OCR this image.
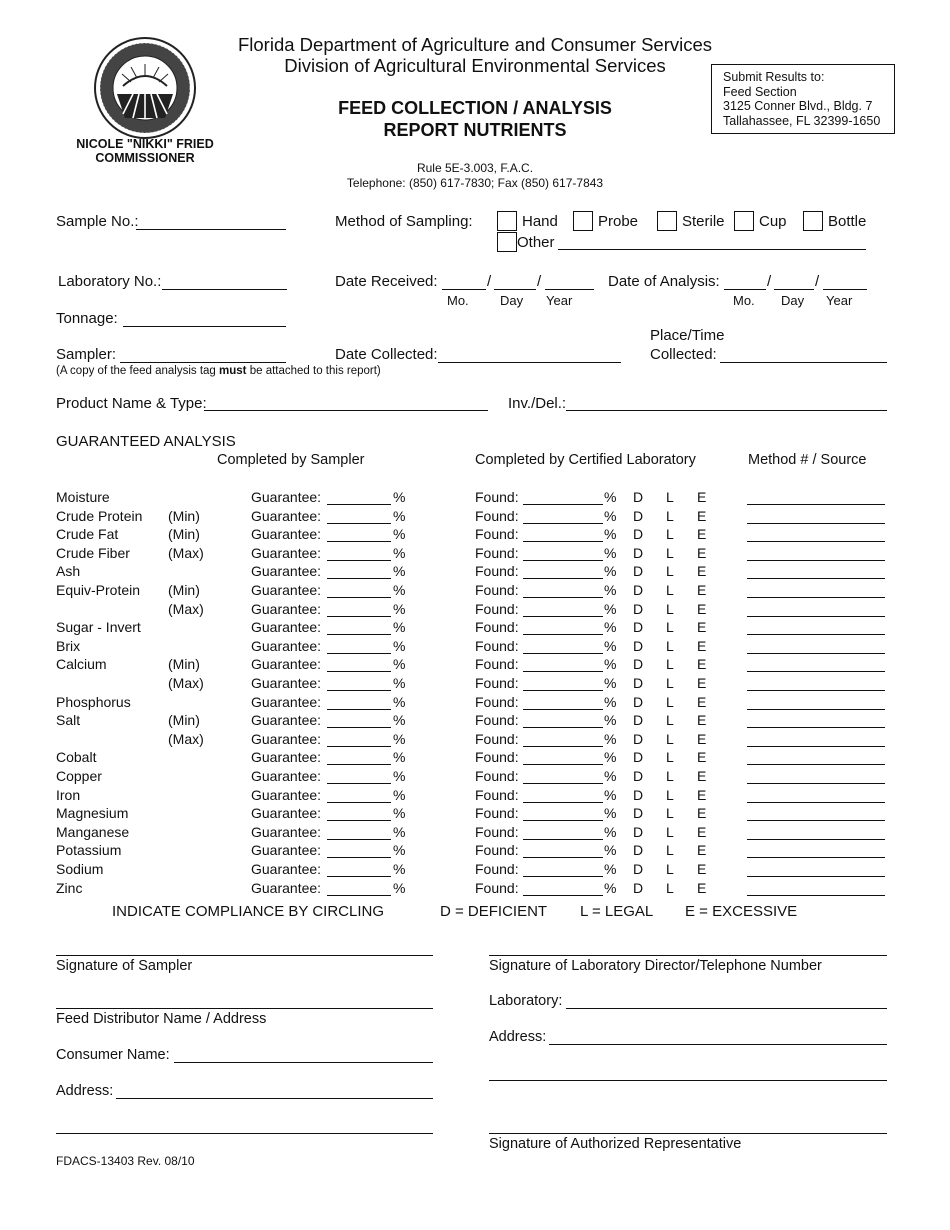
NICOLE "NIKKI" FRIED
COMMISSIONER
Florida Department of Agriculture and Consumer Services
Division of Agricultural Environmental Services
FEED COLLECTION / ANALYSIS
REPORT NUTRIENTS
Rule 5E-3.003, F.A.C.
Telephone: (850) 617-7830; Fax (850) 617-7843
Submit Results to:
Feed Section
3125 Conner Blvd., Bldg. 7
Tallahassee, FL 32399-1650
Sample No.:	Method of Sampling:	Hand	Probe	Sterile Cup	Bottle
Other
Laboratory No.:	Date Received:	/	/
Mo. Day Year
Date of Analysis:	/	/
Mo. Day Year
Tonnage:
Place/Time
Collected:
Sampler:	Date Collected:
(A copy of the feed analysis tag must be attached to this report)
Product Name & Type:	Inv./Del.:
GUARANTEED ANALYSIS
Completed by Sampler	Completed by Certified Laboratory	Method # / Source
Moisture	Guarantee:	%	Found:	% D L E
Crude Protein (Min)	Guarantee:	%	Found:	% D L E
Crude Fat	(Min)	Guarantee:	%	Found:	% D L E
Crude Fiber	(Max)	Guarantee:	%	Found:	% D L E
Ash	Guarantee:	%	Found:	% D L E
Equiv-Protein (Min)	Guarantee:	%	Found:	% D L E
(Max)	Guarantee:	%	Found:	% D L E
Sugar - Invert	Guarantee:	%	Found:	% D L E
Brix	Guarantee:	%	Found:	% D L E
Calcium	(Min)	Guarantee:	%	Found:	% D L E
(Max)	Guarantee:	%	Found:	% D L E
Phosphorus	Guarantee:	%	Found:	% D L E
Salt	(Min)	Guarantee:	%	Found:	% D L E
(Max)	Guarantee:	%	Found:	% D L E
Cobalt	Guarantee:	%	Found:	% D L E
Copper	Guarantee:	%	Found:	% D L E
Iron	Guarantee:	%	Found:	% D L E
Magnesium	Guarantee:	%	Found:	% D L E
Manganese	Guarantee:	%	Found:	% D L E
Potassium	Guarantee:	%	Found:	% D L E
Sodium	Guarantee:	%	Found:	% D L E
Zinc	Guarantee:	%	Found:	% D L E
INDICATE COMPLIANCE BY CIRCLING	D = DEFICIENT L = LEGAL E = EXCESSIVE
Signature of Sampler
Feed Distributor Name / Address
Consumer Name:
Address:
Signature of Laboratory Director/Telephone Number
Laboratory:
Address:
Signature of Authorized Representative
FDACS-13403 Rev. 08/10
